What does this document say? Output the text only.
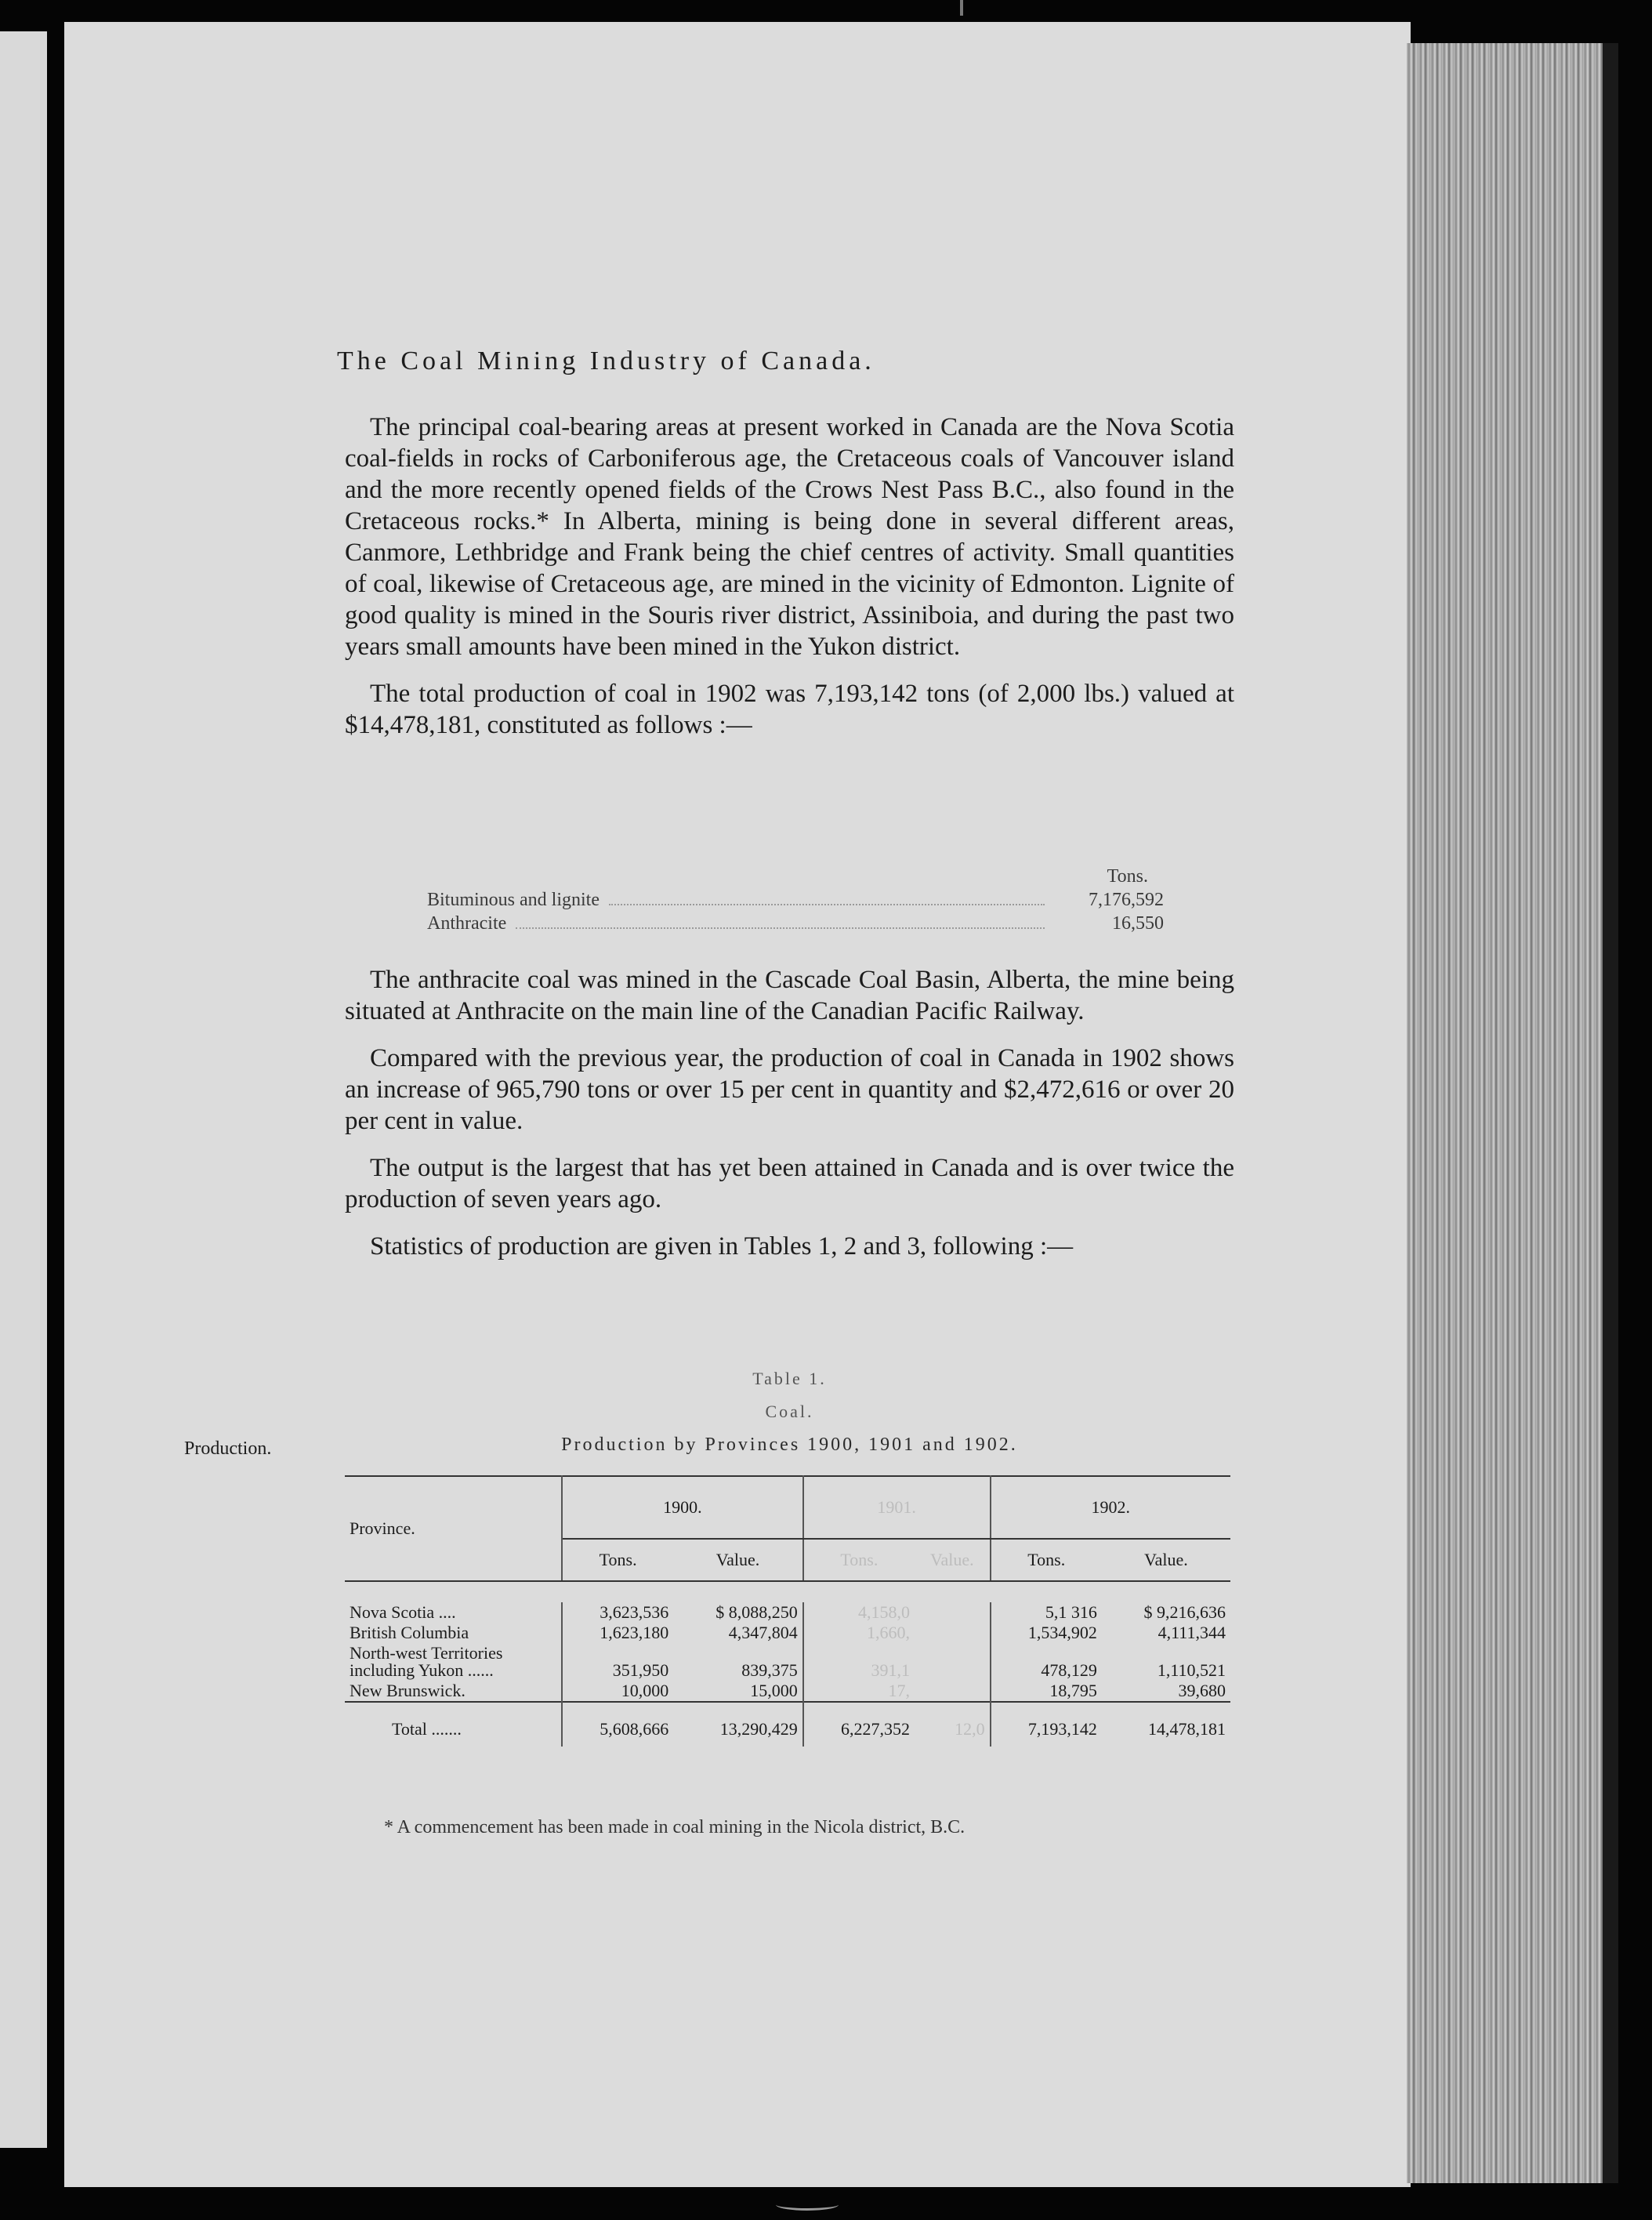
The Coal Mining Industry of Canada.

The principal coal-bearing areas at present worked in Canada are the Nova Scotia coal-fields in rocks of Carboniferous age, the Cretaceous coals of Vancouver island and the more recently opened fields of the Crows Nest Pass B.C., also found in the Cretaceous rocks.* In Alberta, mining is being done in several different areas, Canmore, Lethbridge and Frank being the chief centres of activity. Small quantities of coal, likewise of Cretaceous age, are mined in the vicinity of Edmonton. Lignite of good quality is mined in the Souris river district, Assiniboia, and during the past two years small amounts have been mined in the Yukon district.

The total production of coal in 1902 was 7,193,142 tons (of 2,000 lbs.) valued at $14,478,181, constituted as follows :—

Tons.
Bituminous and lignite	7,176,592
Anthracite	16,550

The anthracite coal was mined in the Cascade Coal Basin, Alberta, the mine being situated at Anthracite on the main line of the Canadian Pacific Railway.

Compared with the previous year, the production of coal in Canada in 1902 shows an increase of 965,790 tons or over 15 per cent in quantity and $2,472,616 or over 20 per cent in value.

The output is the largest that has yet been attained in Canada and is over twice the production of seven years ago.

Statistics of production are given in Tables 1, 2 and 3, following :—

Production.
Table 1.
Coal.
Production by Provinces 1900, 1901 and 1902.
Province.	1900.		1901.		1902.	
	Tons.	Value.	Tons.	Value.	Tons.	Value.

Nova Scotia ....	3,623,536	$ 8,088,250	4,158,0		5,1 316	$ 9,216,636
British Columbia	1,623,180	4,347,804	1,660,		1,534,902	4,111,344
North-west Territories including Yukon ......	351,950	839,375	391,1		478,129	1,110,521
New Brunswick.	10,000	15,000	17,		18,795	39,680
Total .......	5,608,666	13,290,429	6,227,352	12,0	7,193,142	14,478,181
* A commencement has been made in coal mining in the Nicola district, B.C.
